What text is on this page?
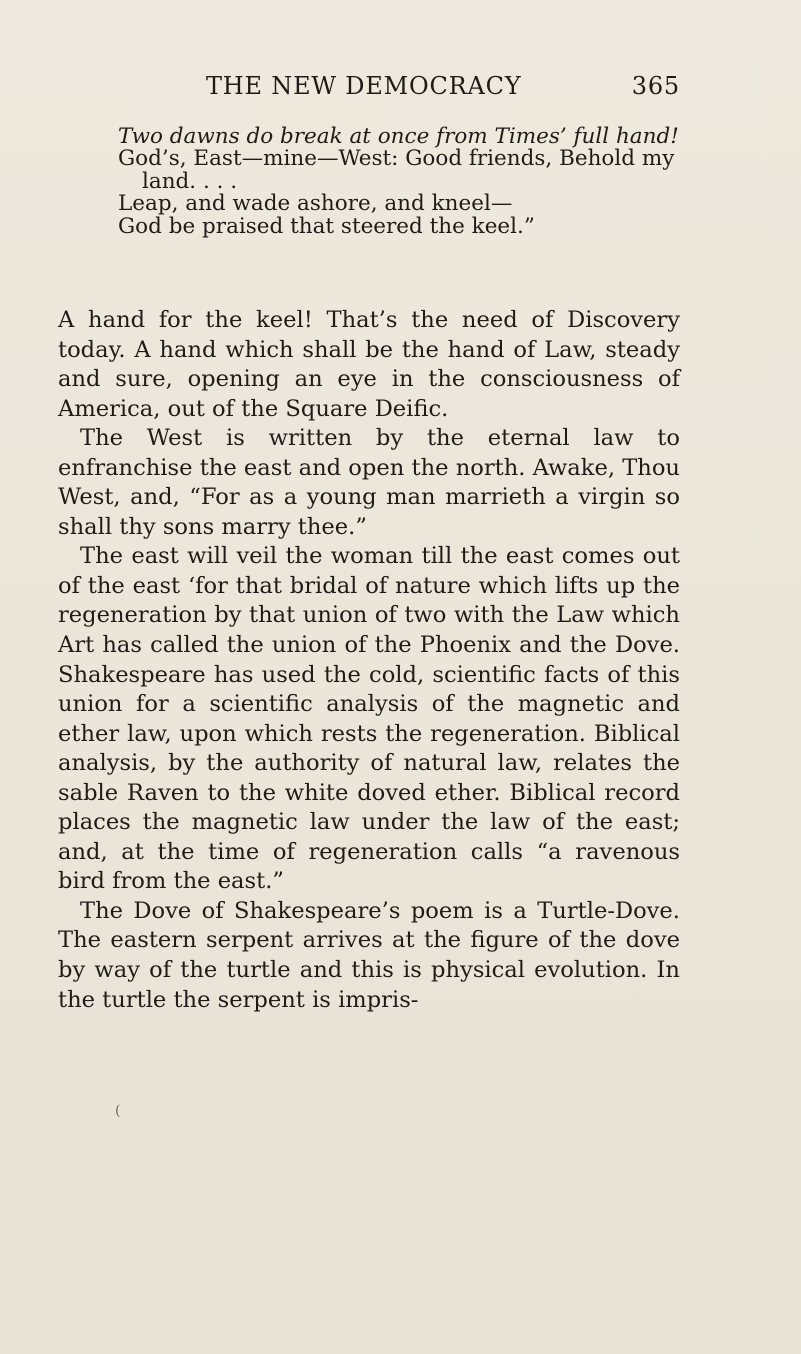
THE NEW DEMOCRACY	365
Two dawns do break at once from Times’ full hand!
God’s, East—mine—West: Good friends, Behold my land. . . .
Leap, and wade ashore, and kneel—
God be praised that steered the keel.”

A hand for the keel! That’s the need of Discovery today. A hand which shall be the hand of Law, steady and sure, opening an eye in the consciousness of America, out of the Square Deific.

The West is written by the eternal law to enfranchise the east and open the north. Awake, Thou West, and, “For as a young man marrieth a virgin so shall thy sons marry thee.”

The east will veil the woman till the east comes out of the east ‘for that bridal of nature which lifts up the regeneration by that union of two with the Law which Art has called the union of the Phoenix and the Dove. Shakespeare has used the cold, scientific facts of this union for a scientific analysis of the magnetic and ether law, upon which rests the regeneration. Biblical analysis, by the authority of natural law, relates the sable Raven to the white doved ether. Biblical record places the magnetic law under the law of the east; and, at the time of regeneration calls “a ravenous bird from the east.”

The Dove of Shakespeare’s poem is a Turtle-Dove. The eastern serpent arrives at the figure of the dove by way of the turtle and this is physical evolution. In the turtle the serpent is impris-

(
